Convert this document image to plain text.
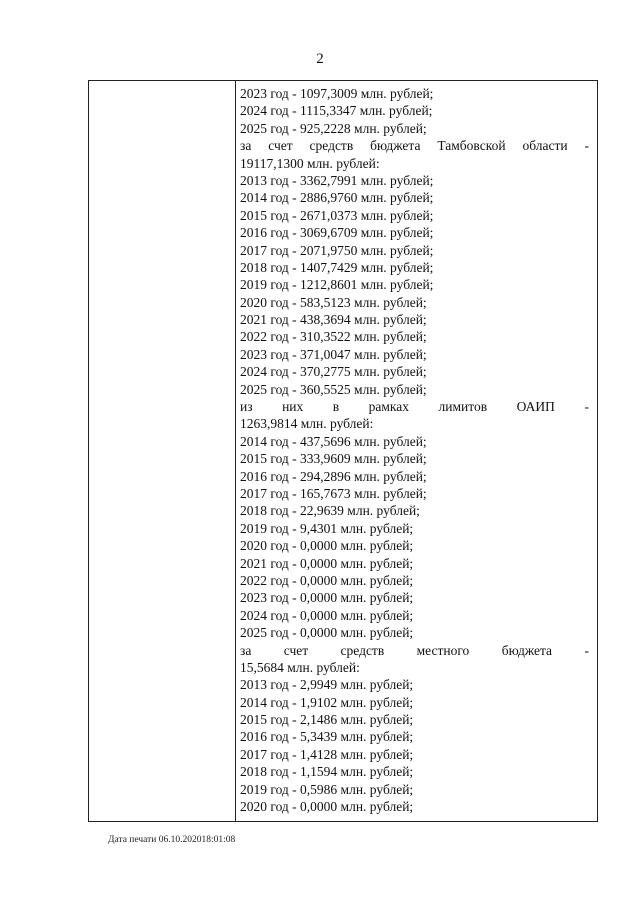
2
2023 год - 1097,3009 млн. рублей;
2024 год - 1115,3347 млн. рублей;
2025 год - 925,2228 млн. рублей;
за счет средств бюджета Тамбовской области -
19117,1300 млн. рублей:
2013 год - 3362,7991 млн. рублей;
2014 год - 2886,9760 млн. рублей;
2015 год - 2671,0373 млн. рублей;
2016 год - 3069,6709 млн. рублей;
2017 год - 2071,9750 млн. рублей;
2018 год - 1407,7429 млн. рублей;
2019 год - 1212,8601 млн. рублей;
2020 год - 583,5123 млн. рублей;
2021 год - 438,3694 млн. рублей;
2022 год - 310,3522 млн. рублей;
2023 год - 371,0047 млн. рублей;
2024 год - 370,2775 млн. рублей;
2025 год - 360,5525 млн. рублей;
из них в рамках лимитов ОАИП -
1263,9814 млн. рублей:
2014 год - 437,5696 млн. рублей;
2015 год - 333,9609 млн. рублей;
2016 год - 294,2896 млн. рублей;
2017 год - 165,7673 млн. рублей;
2018 год - 22,9639 млн. рублей;
2019 год - 9,4301 млн. рублей;
2020 год - 0,0000 млн. рублей;
2021 год - 0,0000 млн. рублей;
2022 год - 0,0000 млн. рублей;
2023 год - 0,0000 млн. рублей;
2024 год - 0,0000 млн. рублей;
2025 год - 0,0000 млн. рублей;
за счет средств местного бюджета -
15,5684 млн. рублей:
2013 год - 2,9949 млн. рублей;
2014 год - 1,9102 млн. рублей;
2015 год - 2,1486 млн. рублей;
2016 год - 5,3439 млн. рублей;
2017 год - 1,4128 млн. рублей;
2018 год - 1,1594 млн. рублей;
2019 год - 0,5986 млн. рублей;
2020 год - 0,0000 млн. рублей;
Дата печати 06.10.202018:01:08
